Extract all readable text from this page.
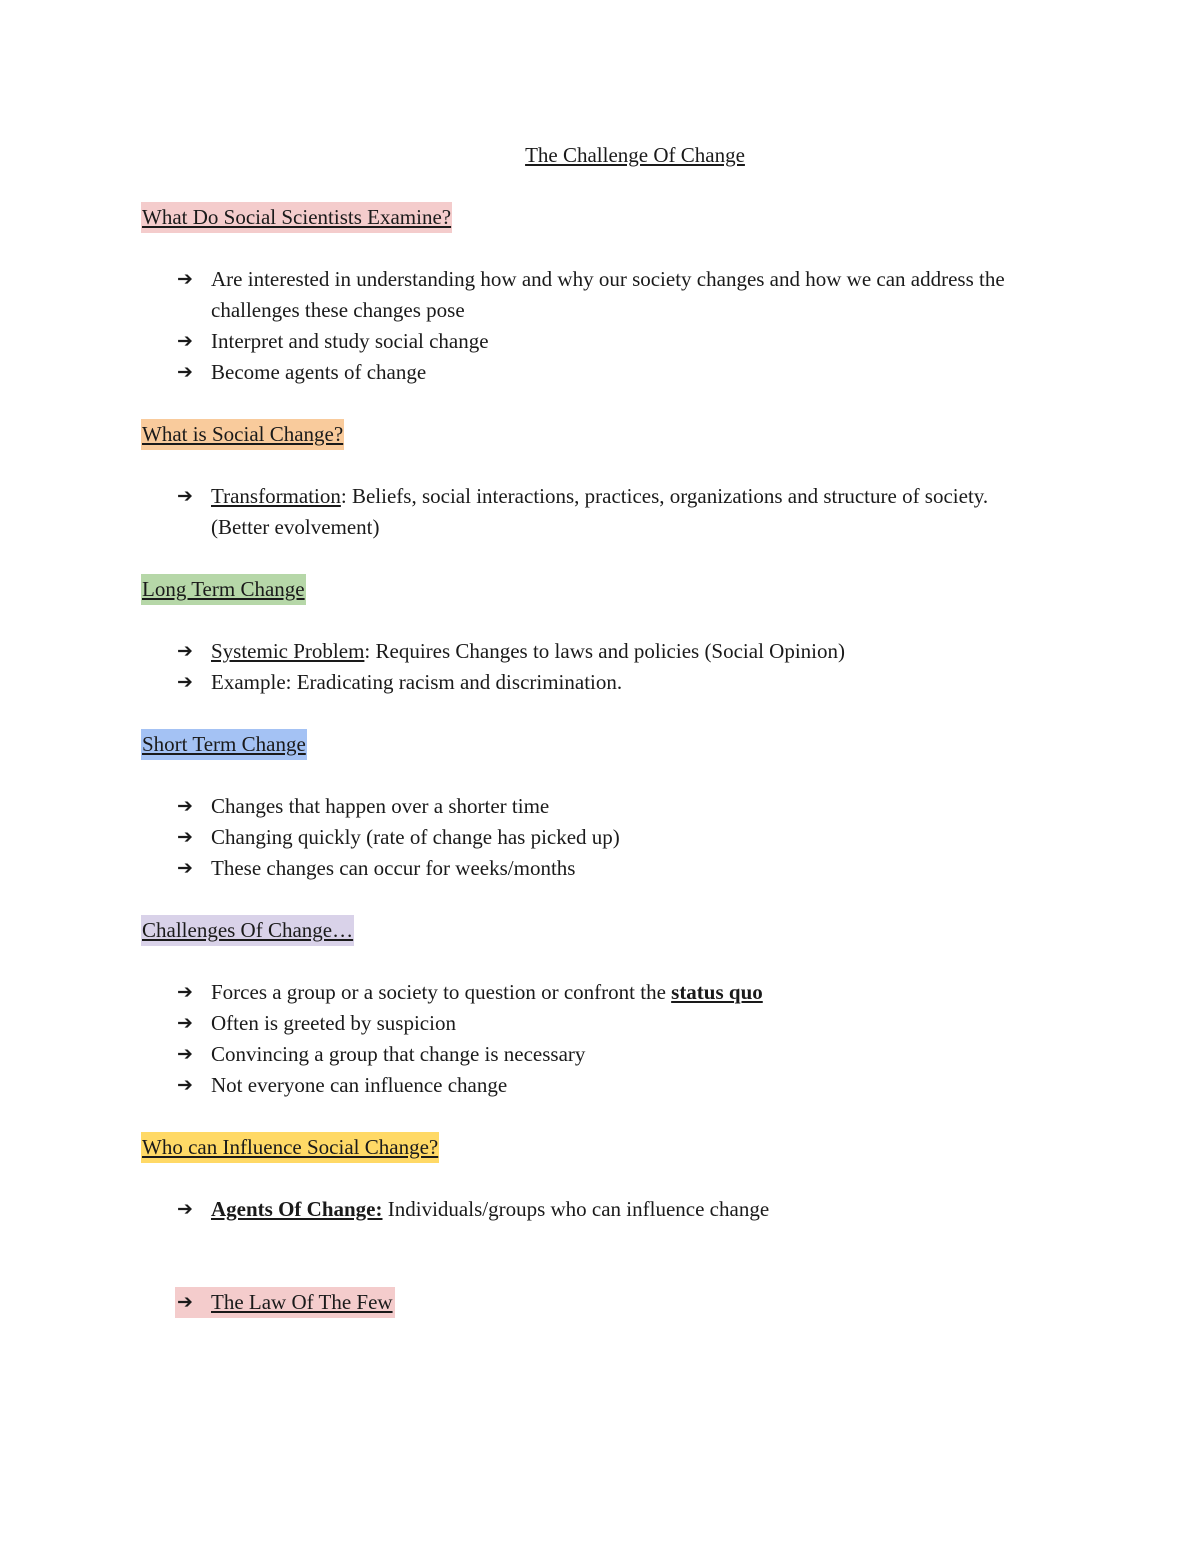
The Challenge Of Change
What Do Social Scientists Examine?
➔ Are interested in understanding how and why our society changes and how we can address the challenges these changes pose
➔ Interpret and study social change
➔ Become agents of change
What is Social Change?
➔ Transformation: Beliefs, social interactions, practices, organizations and structure of society. (Better evolvement)
Long Term Change
➔ Systemic Problem: Requires Changes to laws and policies (Social Opinion)
➔ Example: Eradicating racism and discrimination.
Short Term Change
➔ Changes that happen over a shorter time
➔ Changing quickly (rate of change has picked up)
➔ These changes can occur for weeks/months
Challenges Of Change…
➔ Forces a group or a society to question or confront the status quo
➔ Often is greeted by suspicion
➔ Convincing a group that change is necessary
➔ Not everyone can influence change
Who can Influence Social Change?
➔ Agents Of Change: Individuals/groups who can influence change
➔ The Law Of The Few
